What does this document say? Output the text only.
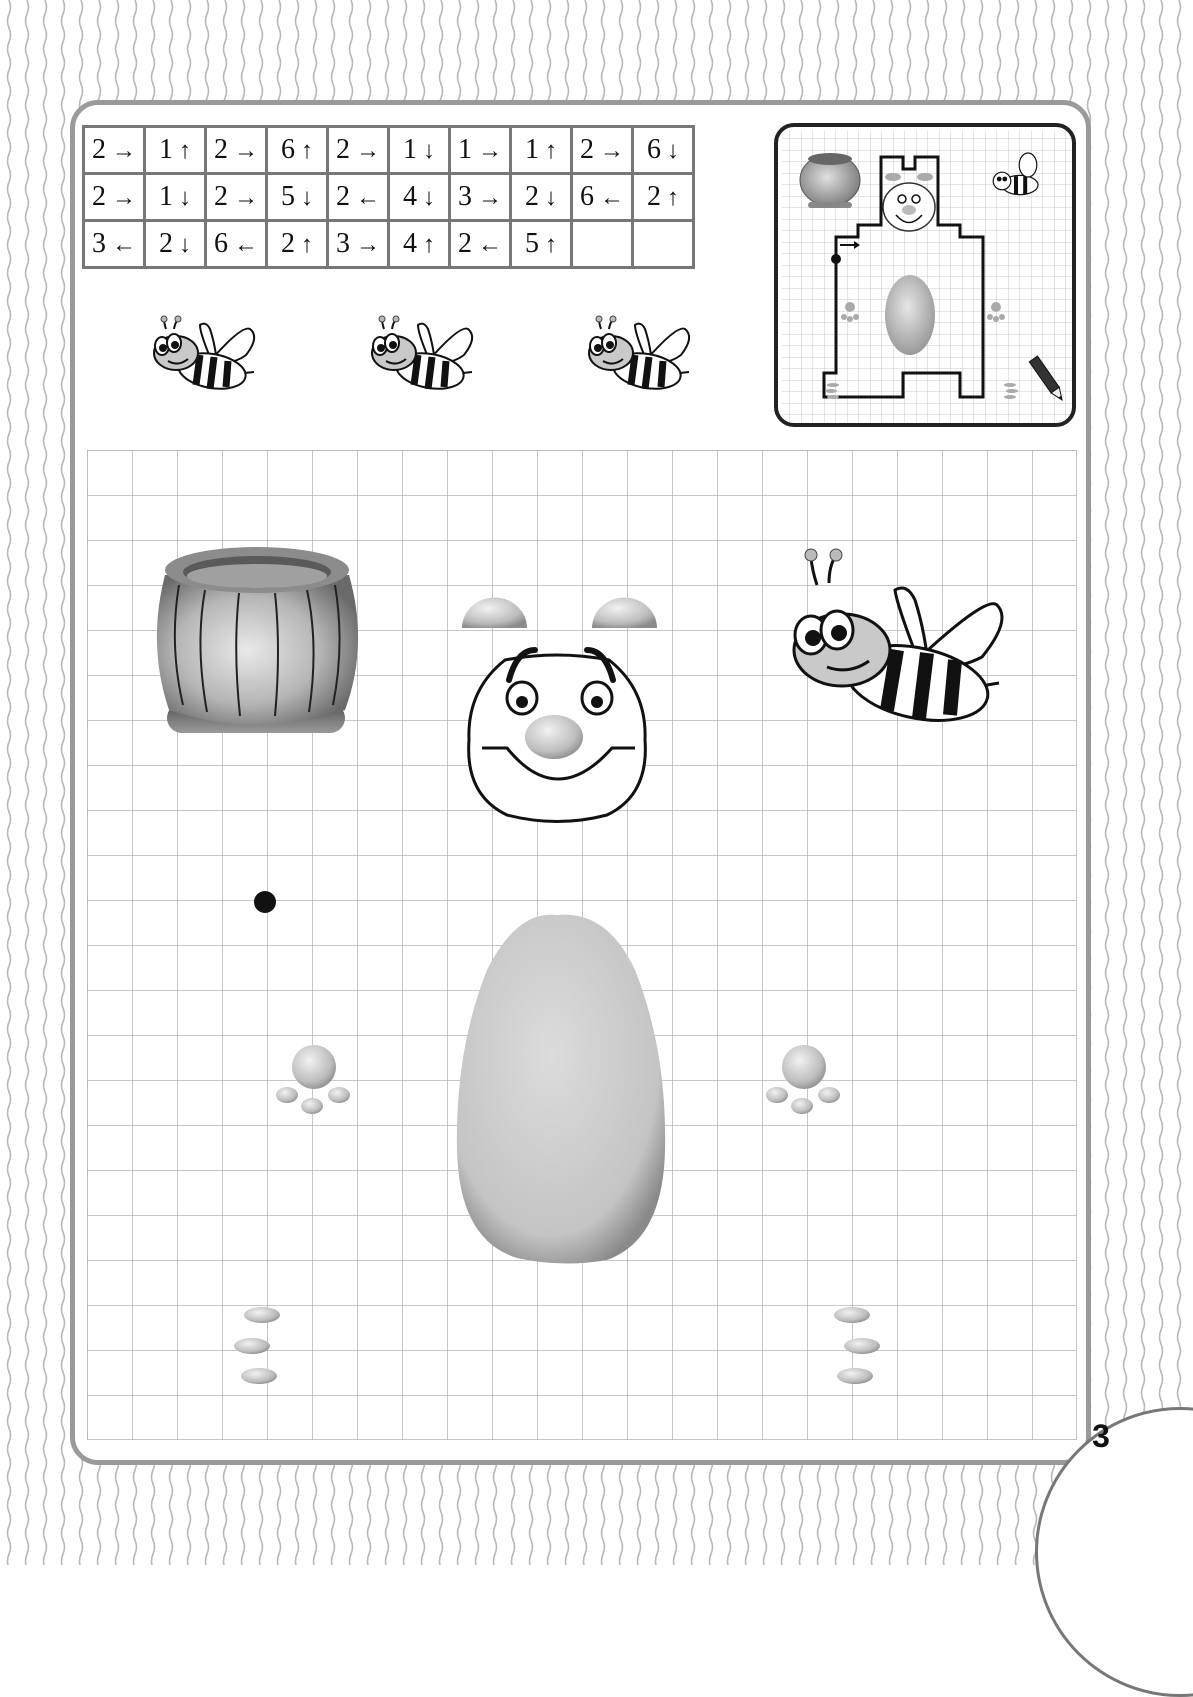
2 →	1 ↑	2 →	6 ↑	2 →	1 ↓	1 →	1 ↑	2 →	6 ↓
2 →	1 ↓	2 →	5 ↓	2 ←	4 ↓	3 →	2 ↓	6 ←	2 ↑
3 ←	2 ↓	6 ←	2 ↑	3 →	4 ↑	2 ←	5 ↑		
3
